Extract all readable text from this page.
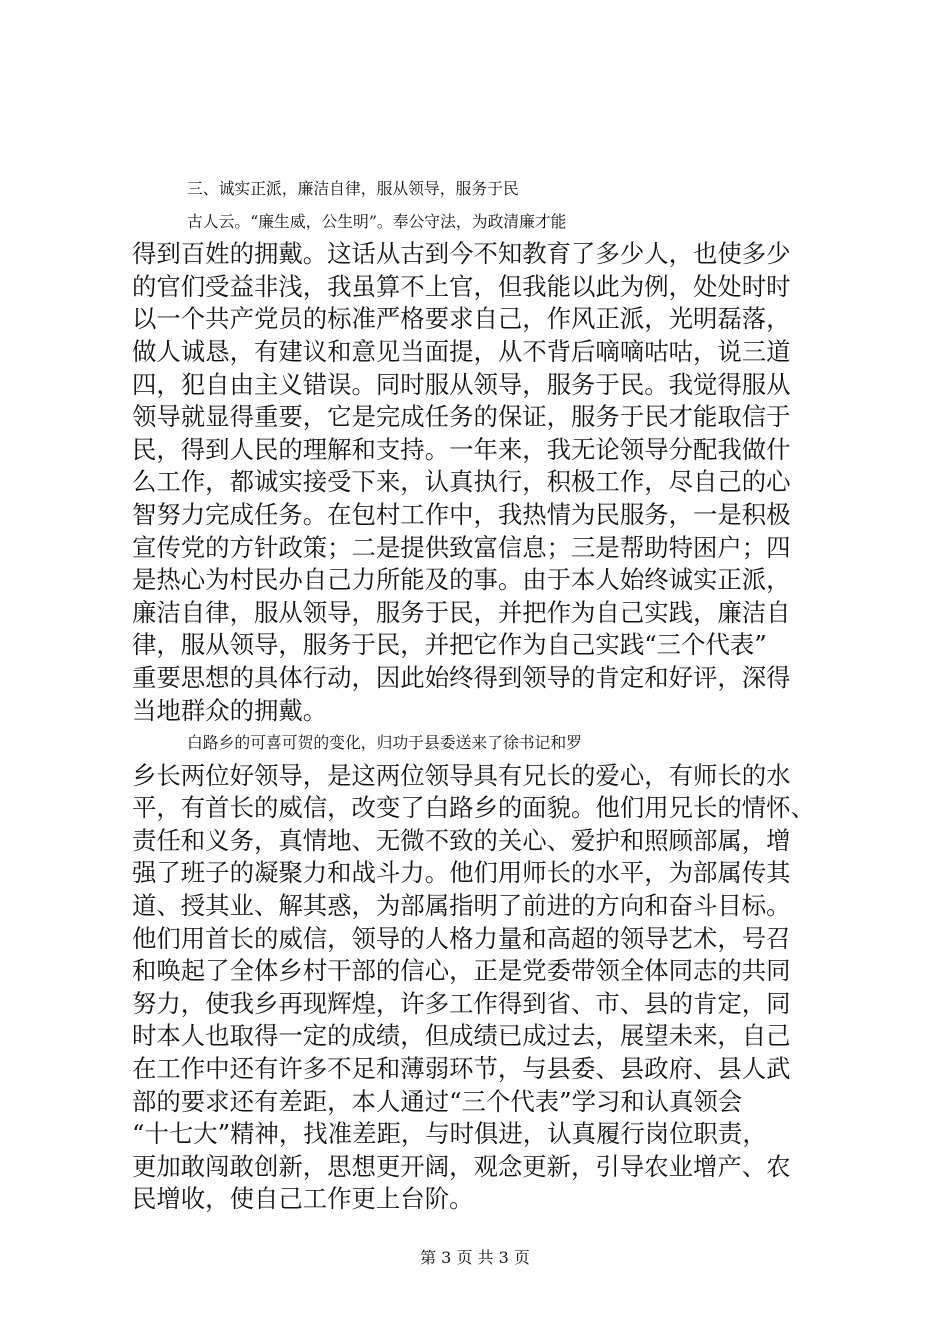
三、诚实正派，廉洁自律，服从领导，服务于民
古人云。“廉生威，公生明”。奉公守法，为政清廉才能
得到百姓的拥戴。这话从古到今不知教育了多少人，也使多少
的官们受益非浅，我虽算不上官，但我能以此为例，处处时时
以一个共产党员的标准严格要求自己，作风正派，光明磊落，
做人诚恳，有建议和意见当面提，从不背后嘀嘀咕咕，说三道
四，犯自由主义错误。同时服从领导，服务于民。我觉得服从
领导就显得重要，它是完成任务的保证，服务于民才能取信于
民，得到人民的理解和支持。一年来，我无论领导分配我做什
么工作，都诚实接受下来，认真执行，积极工作，尽自己的心
智努力完成任务。在包村工作中，我热情为民服务，一是积极
宣传党的方针政策；二是提供致富信息；三是帮助特困户；四
是热心为村民办自己力所能及的事。由于本人始终诚实正派，
廉洁自律，服从领导，服务于民，并把作为自己实践，廉洁自
律，服从领导，服务于民，并把它作为自己实践“三个代表”
重要思想的具体行动，因此始终得到领导的肯定和好评，深得
当地群众的拥戴。
白路乡的可喜可贺的变化，归功于县委送来了徐书记和罗
乡长两位好领导，是这两位领导具有兄长的爱心，有师长的水
平，有首长的威信，改变了白路乡的面貌。他们用兄长的情怀、
责任和义务，真情地、无微不致的关心、爱护和照顾部属，增
强了班子的凝聚力和战斗力。他们用师长的水平，为部属传其
道、授其业、解其惑，为部属指明了前进的方向和奋斗目标。
他们用首长的威信，领导的人格力量和高超的领导艺术，号召
和唤起了全体乡村干部的信心，正是党委带领全体同志的共同
努力，使我乡再现辉煌，许多工作得到省、市、县的肯定，同
时本人也取得一定的成绩，但成绩已成过去，展望未来，自己
在工作中还有许多不足和薄弱环节，与县委、县政府、县人武
部的要求还有差距，本人通过“三个代表”学习和认真领会
“十七大”精神，找准差距，与时俱进，认真履行岗位职责，
更加敢闯敢创新，思想更开阔，观念更新，引导农业增产、农
民增收，使自己工作更上台阶。
第 3 页 共 3 页
